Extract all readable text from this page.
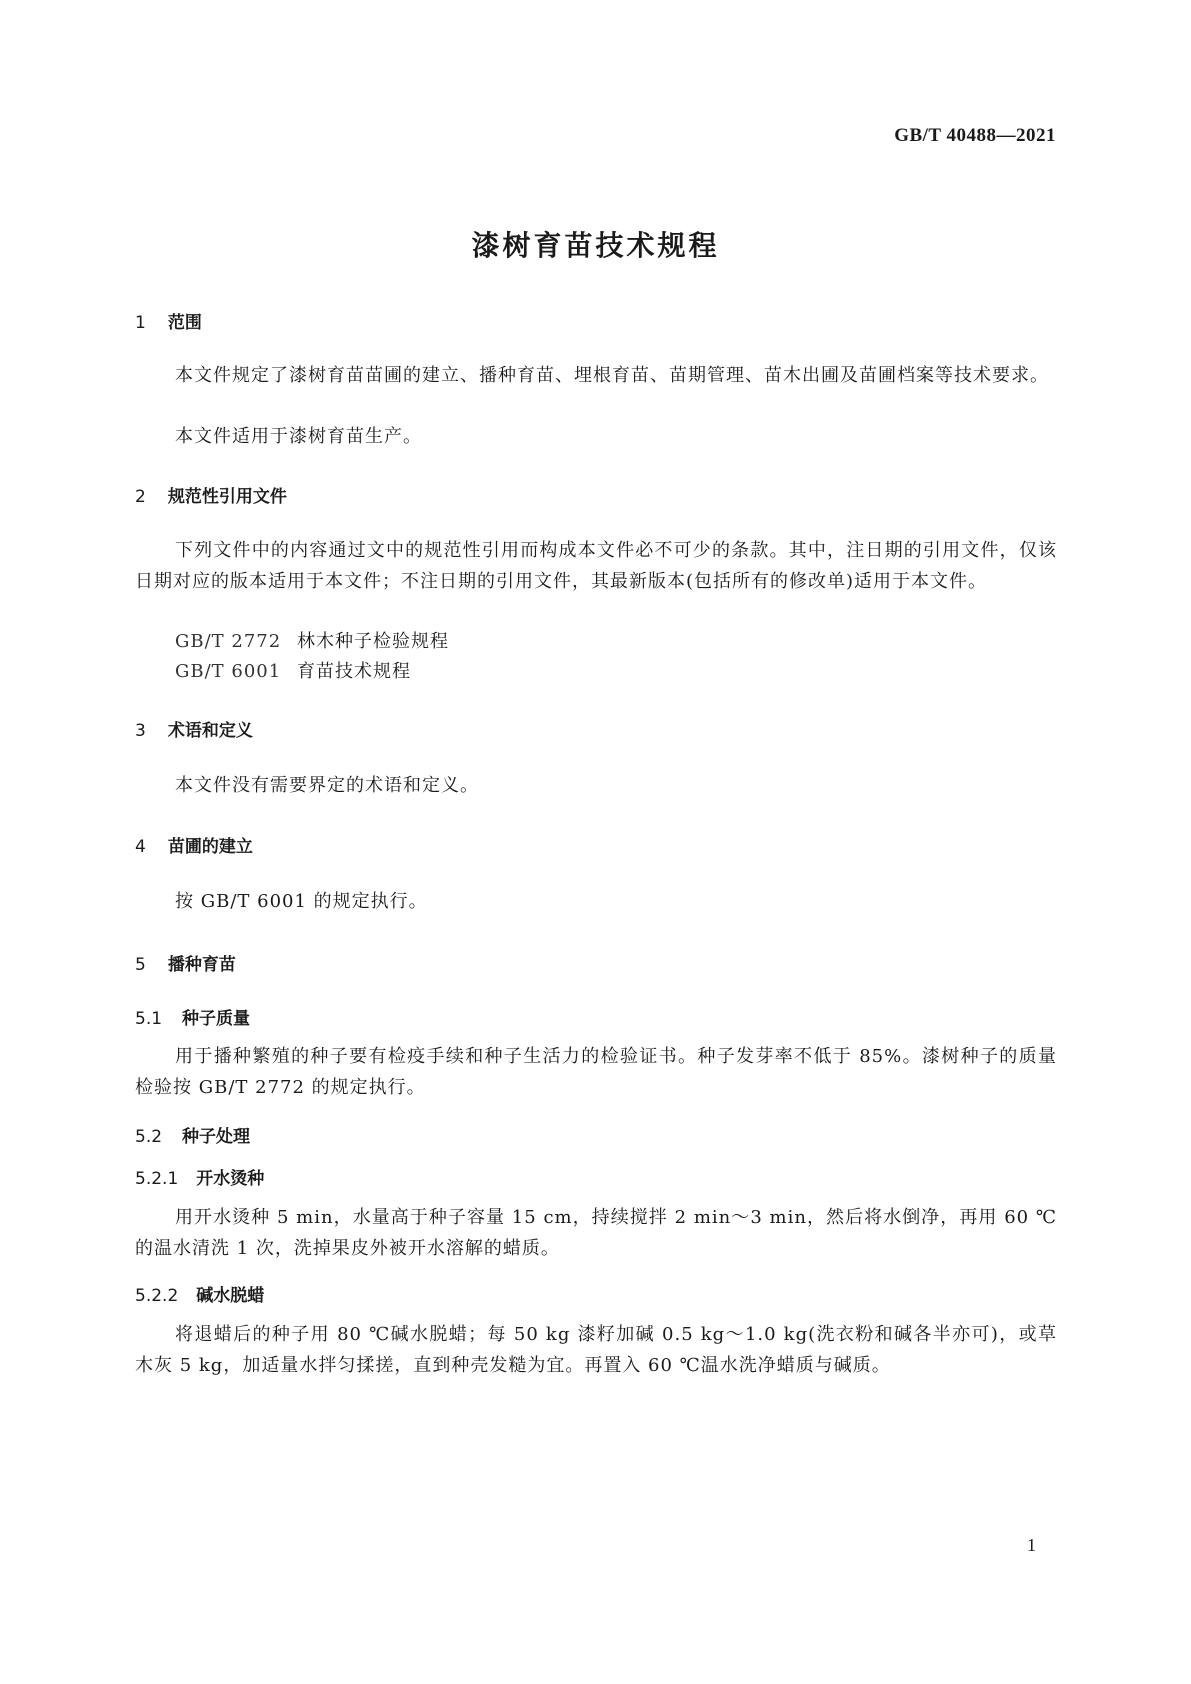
GB/T 40488—2021
漆树育苗技术规程
1 范围
本文件规定了漆树育苗苗圃的建立、播种育苗、埋根育苗、苗期管理、苗木出圃及苗圃档案等技术要求。
本文件适用于漆树育苗生产。
2 规范性引用文件
下列文件中的内容通过文中的规范性引用而构成本文件必不可少的条款。其中，注日期的引用文件，仅该日期对应的版本适用于本文件；不注日期的引用文件，其最新版本(包括所有的修改单)适用于本文件。
GB/T 2772 林木种子检验规程
GB/T 6001 育苗技术规程
3 术语和定义
本文件没有需要界定的术语和定义。
4 苗圃的建立
按 GB/T 6001 的规定执行。
5 播种育苗
5.1 种子质量
用于播种繁殖的种子要有检疫手续和种子生活力的检验证书。种子发芽率不低于 85%。漆树种子的质量检验按 GB/T 2772 的规定执行。
5.2 种子处理
5.2.1 开水烫种
用开水烫种 5 min，水量高于种子容量 15 cm，持续搅拌 2 min～3 min，然后将水倒净，再用 60 ℃的温水清洗 1 次，洗掉果皮外被开水溶解的蜡质。
5.2.2 碱水脱蜡
将退蜡后的种子用 80 ℃碱水脱蜡；每 50 kg 漆籽加碱 0.5 kg～1.0 kg(洗衣粉和碱各半亦可)，或草木灰 5 kg，加适量水拌匀揉搓，直到种壳发糙为宜。再置入 60 ℃温水洗净蜡质与碱质。
1
